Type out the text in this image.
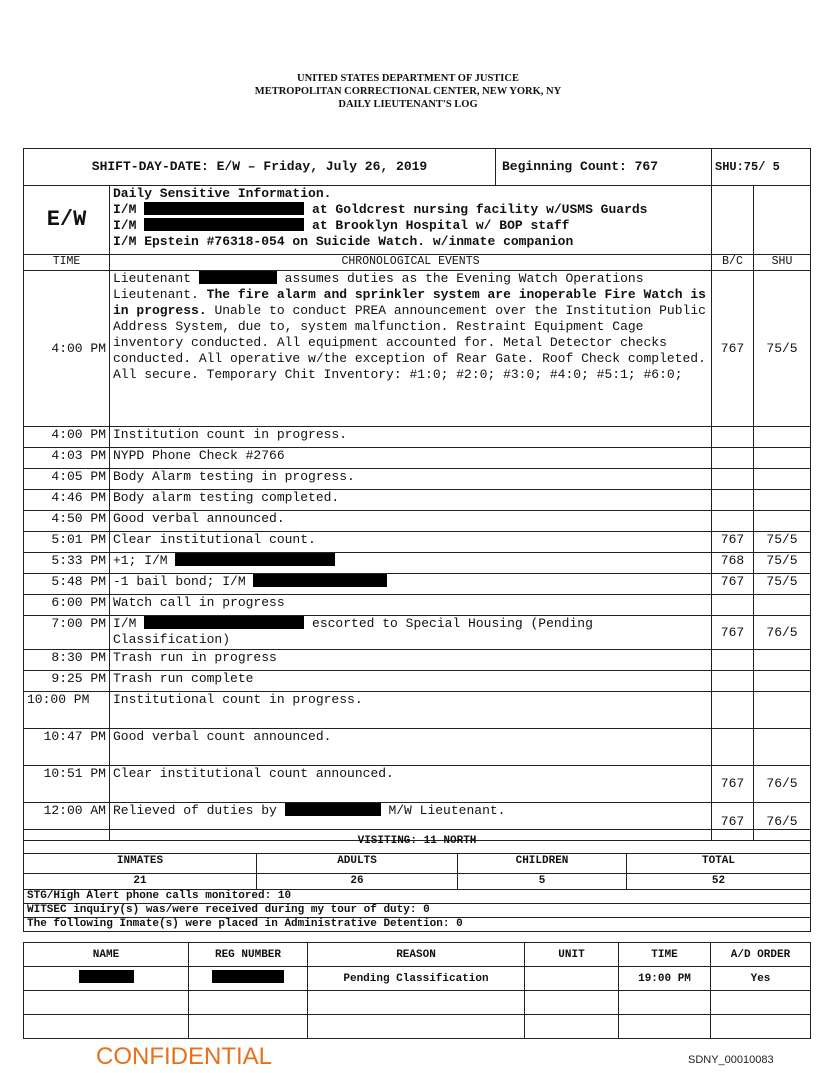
UNITED STATES DEPARTMENT OF JUSTICE
METROPOLITAN CORRECTIONAL CENTER, NEW YORK, NY
DAILY LIEUTENANT'S LOG
SHIFT-DAY-DATE: E/W – Friday, July 26, 2019		Beginning Count: 767	SHU:75/ 5	
E/W	Daily Sensitive Information.
I/M at Goldcrest nursing facility w/USMS Guards
I/M at Brooklyn Hospital w/ BOP staff
I/M Epstein #76318-054 on Suicide Watch. w/inmate companion			

TIME	CHRONOLOGICAL EVENTS		B/C	SHU
4:00 PM	Lieutenant assumes duties as the Evening Watch Operations Lieutenant. The fire alarm and sprinkler system are inoperable Fire Watch is in progress. Unable to conduct PREA announcement over the Institution Public Address System, due to, system malfunction. Restraint Equipment Cage inventory conducted. All equipment accounted for. Metal Detector checks conducted. All operative w/the exception of Rear Gate. Roof Check completed. All secure. Temporary Chit Inventory: #1:0; #2:0; #3:0; #4:0; #5:1; #6:0;		767	75/5
4:00 PM	Institution count in progress.			
4:03 PM	NYPD Phone Check #2766			
4:05 PM	Body Alarm testing in progress.			
4:46 PM	Body alarm testing completed.			
4:50 PM	Good verbal announced.			
5:01 PM	Clear institutional count.		767	75/5
5:33 PM	+1; I/M		768	75/5
5:48 PM	-1 bail bond; I/M		767	75/5
6:00 PM	Watch call in progress			
7:00 PM	I/M escorted to Special Housing (Pending Classification)		767	76/5
8:30 PM	Trash run in progress			
9:25 PM	Trash run complete			
10:00 PM	Institutional count in progress.			
10:47 PM	Good verbal count announced.			
10:51 PM	Clear institutional count announced.		767	76/5
12:00 AM	Relieved of duties by M/W Lieutenant.		767	76/5
VISITING: 11 NORTH			
INMATES	ADULTS	CHILDREN	TOTAL
21	26	5	52
STG/High Alert phone calls monitored: 10			
WITSEC inquiry(s) was/were received during my tour of duty: 0			
The following Inmate(s) were placed in Administrative Detention: 0			
NAME	REG NUMBER	REASON	UNIT	TIME	A/D ORDER
		Pending Classification		19:00 PM	Yes

CONFIDENTIAL	SDNY_00010083
